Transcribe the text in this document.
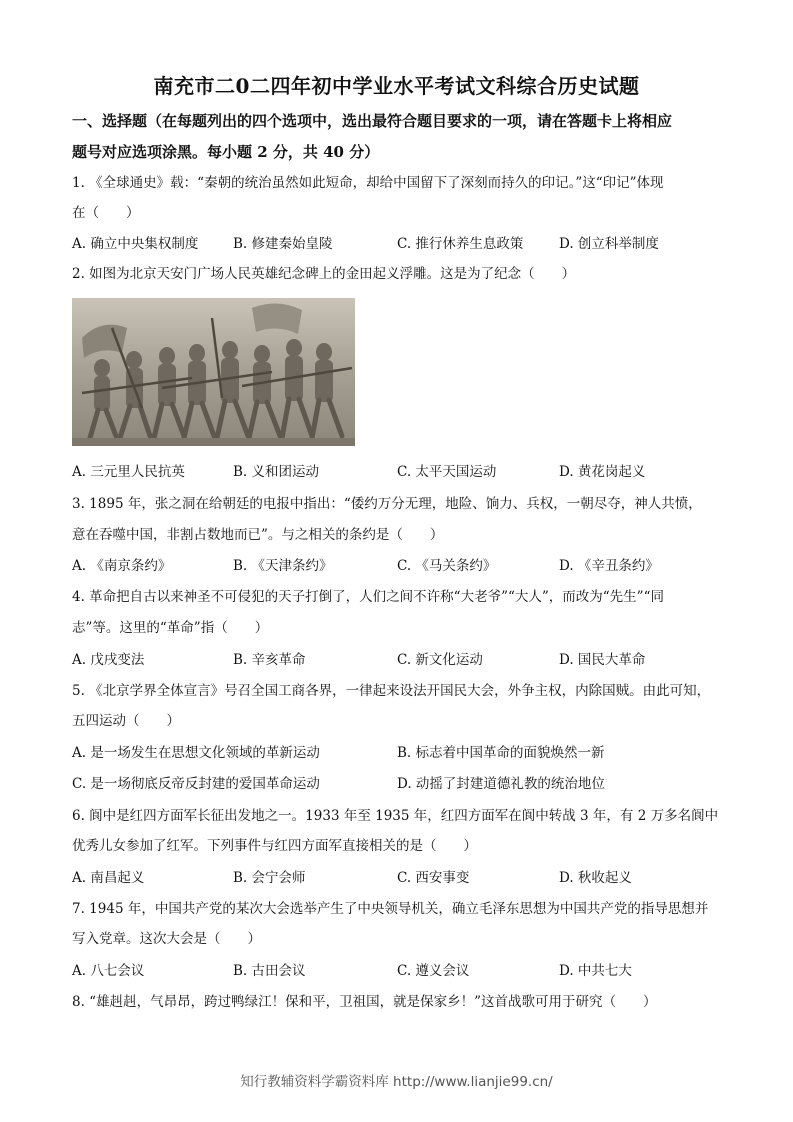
南充市二0二四年初中学业水平考试文科综合历史试题
一、选择题（在每题列出的四个选项中，选出最符合题目要求的一项，请在答题卡上将相应
题号对应选项涂黑。每小题 2 分，共 40 分）
1. 《全球通史》载：“秦朝的统治虽然如此短命，却给中国留下了深刻而持久的印记。”这“印记”体现
在（　　）
A. 确立中央集权制度	B. 修建秦始皇陵	C. 推行休养生息政策	D. 创立科举制度
2. 如图为北京天安门广场人民英雄纪念碑上的金田起义浮雕。这是为了纪念（　　）
A. 三元里人民抗英	B. 义和团运动	C. 太平天国运动	D. 黄花岗起义
3. 1895 年，张之洞在给朝廷的电报中指出：“倭约万分无理，地险、饷力、兵权，一朝尽夺，神人共愤，
意在吞噬中国，非割占数地而已”。与之相关的条约是（　　）
A. 《南京条约》	B. 《天津条约》	C. 《马关条约》	D. 《辛丑条约》
4. 革命把自古以来神圣不可侵犯的天子打倒了，人们之间不许称“大老爷”“大人”，而改为“先生”“同
志”等。这里的“革命”指（　　）
A. 戊戌变法	B. 辛亥革命	C. 新文化运动	D. 国民大革命
5. 《北京学界全体宣言》号召全国工商各界，一律起来设法开国民大会，外争主权，内除国贼。由此可知，
五四运动（　　）
A. 是一场发生在思想文化领域的革新运动	B. 标志着中国革命的面貌焕然一新
C. 是一场彻底反帝反封建的爱国革命运动	D. 动摇了封建道德礼教的统治地位
6. 阆中是红四方面军长征出发地之一。1933 年至 1935 年，红四方面军在阆中转战 3 年，有 2 万多名阆中
优秀儿女参加了红军。下列事件与红四方面军直接相关的是（　　）
A. 南昌起义	B. 会宁会师	C. 西安事变	D. 秋收起义
7. 1945 年，中国共产党的某次大会选举产生了中央领导机关，确立毛泽东思想为中国共产党的指导思想并
写入党章。这次大会是（　　）
A. 八七会议	B. 古田会议	C. 遵义会议	D. 中共七大
8. “雄赳赳，气昂昂，跨过鸭绿江！保和平，卫祖国，就是保家乡！”这首战歌可用于研究（　　）
知行教辅资料学霸资料库 http://www.lianjie99.cn/
